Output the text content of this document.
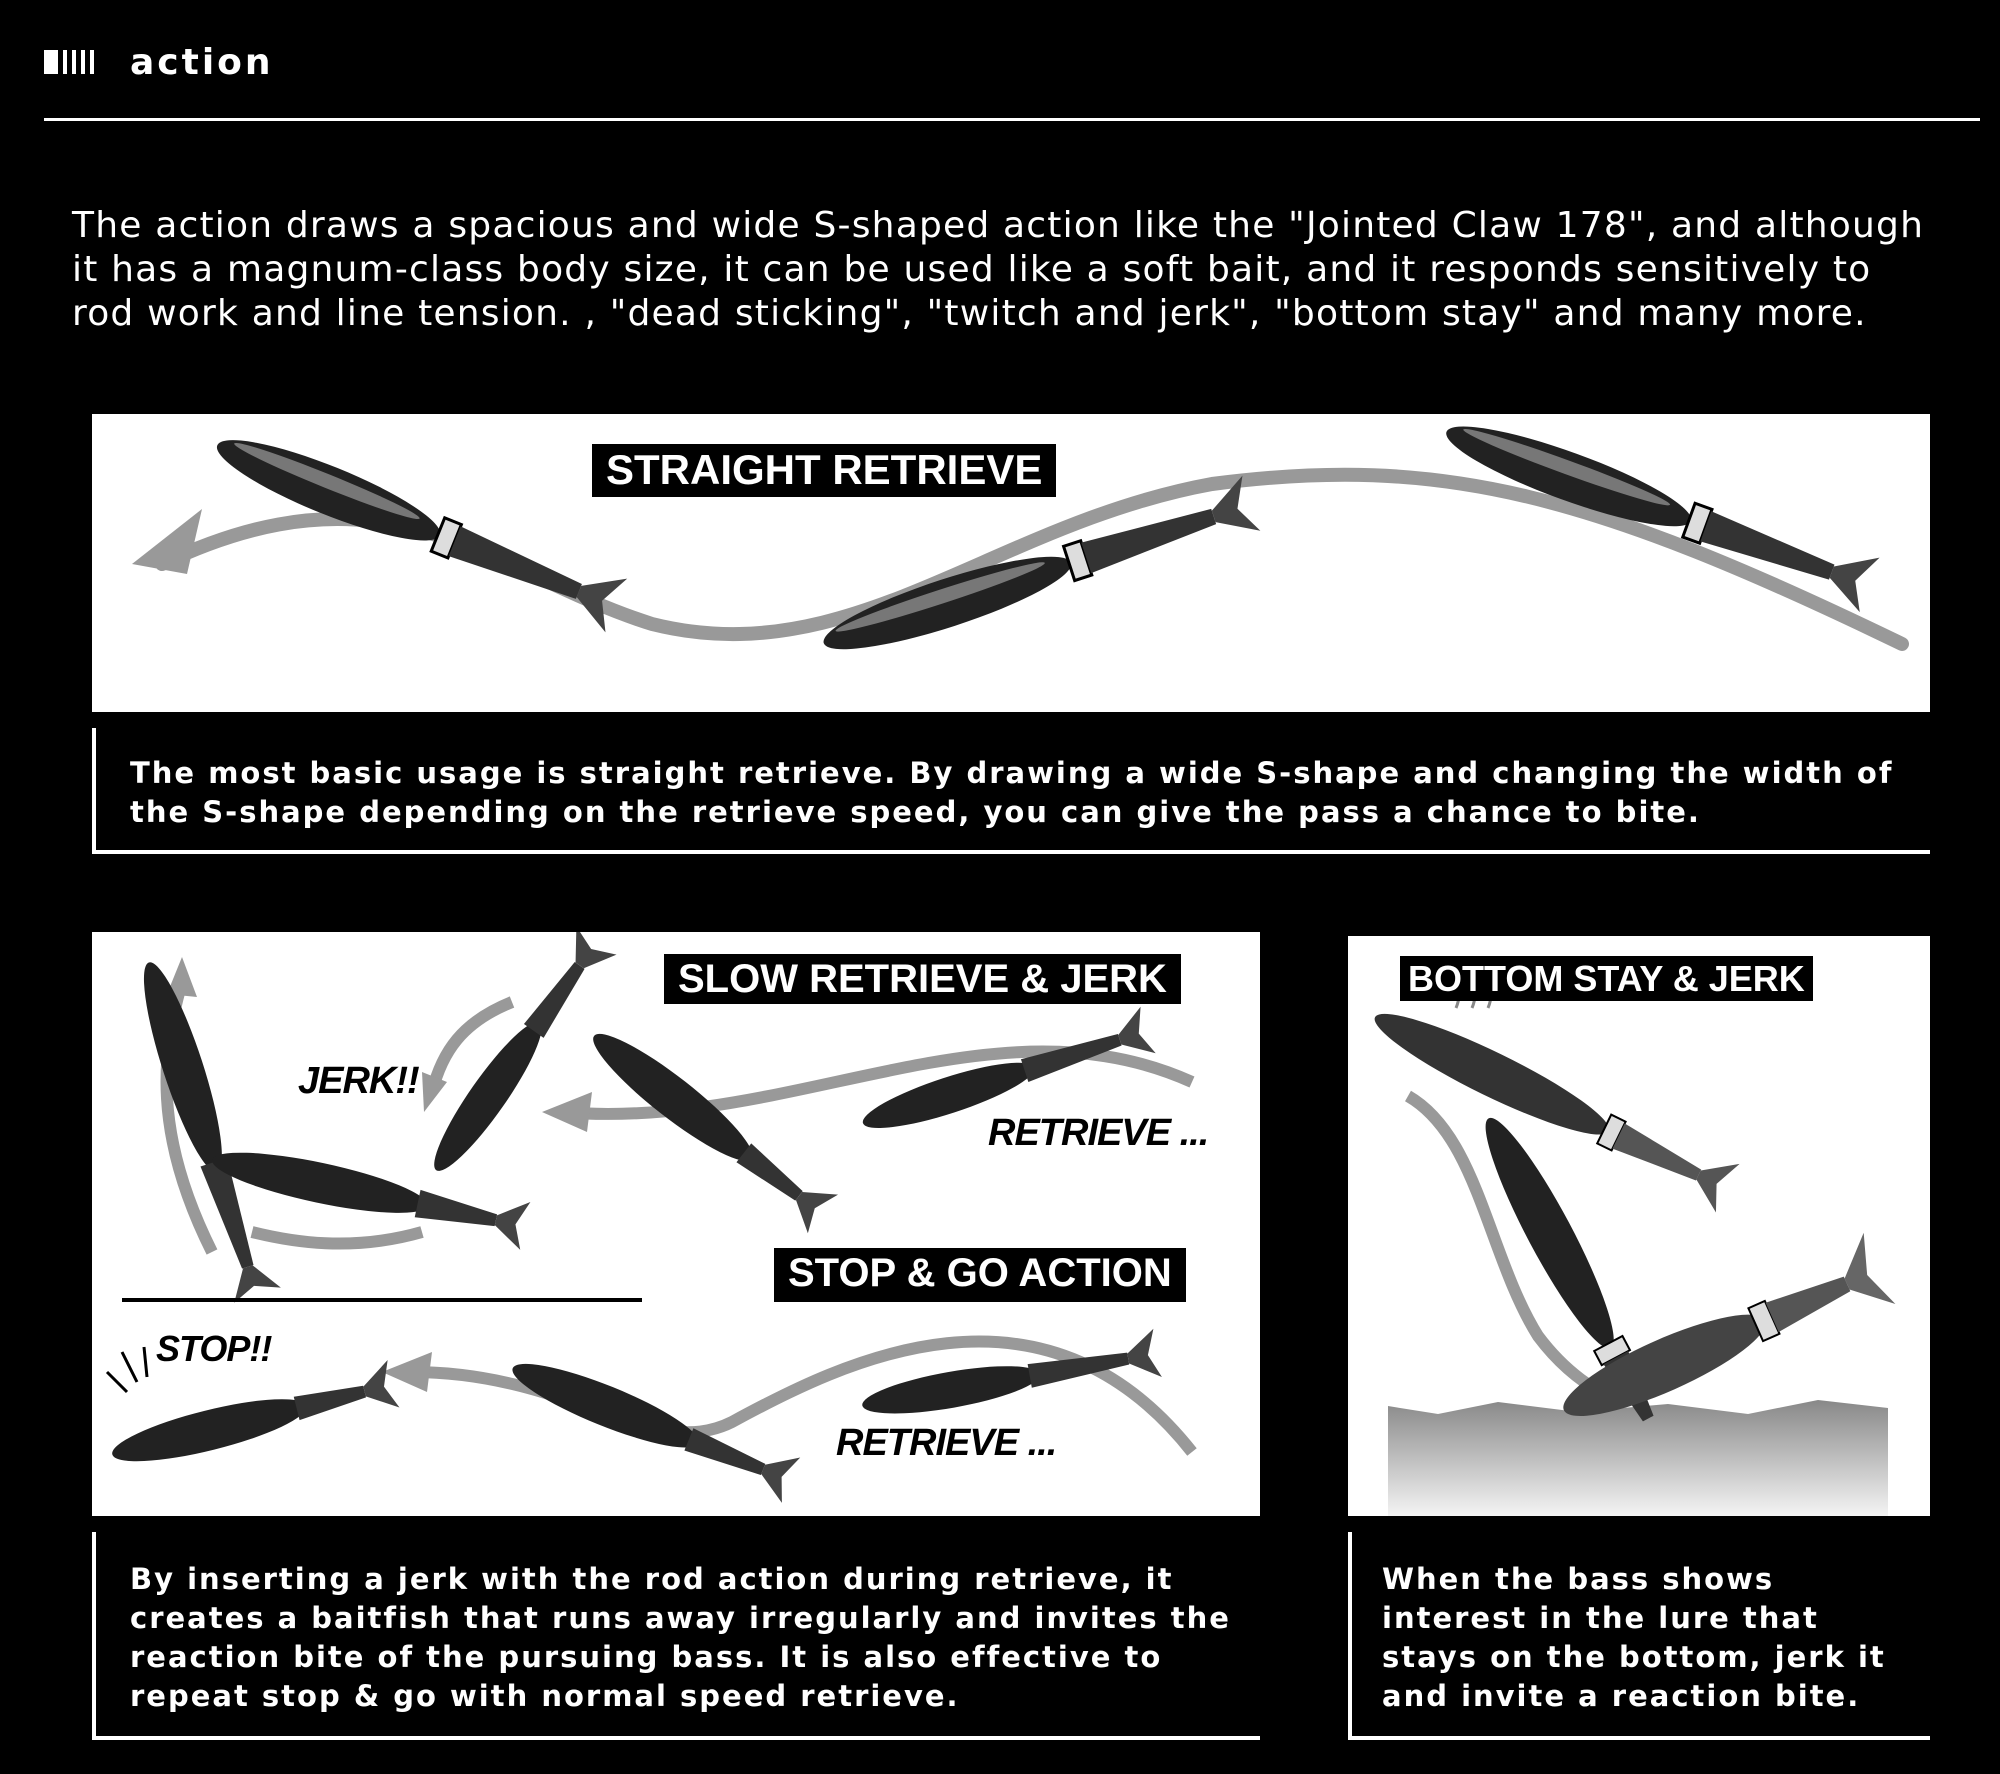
action

The action draws a spacious and wide S-shaped action like the "Jointed Claw 178", and although it has a magnum-class body size, it can be used like a soft bait, and it responds sensitively to rod work and line tension. , "dead sticking", "twitch and jerk", "bottom stay" and many more.

STRAIGHT RETRIEVE
The most basic usage is straight retrieve. By drawing a wide S-shape and changing the width of the S-shape depending on the retrieve speed, you can give the pass a chance to bite.
SLOW RETRIEVE & JERK
JERK!!
RETRIEVE ...
STOP & GO ACTION
STOP!!
RETRIEVE ...
BOTTOM STAY & JERK
By inserting a jerk with the rod action during retrieve, it creates a baitfish that runs away irregularly and invites the reaction bite of the pursuing bass. It is also effective to repeat stop & go with normal speed retrieve.
When the bass shows interest in the lure that stays on the bottom, jerk it and invite a reaction bite.
